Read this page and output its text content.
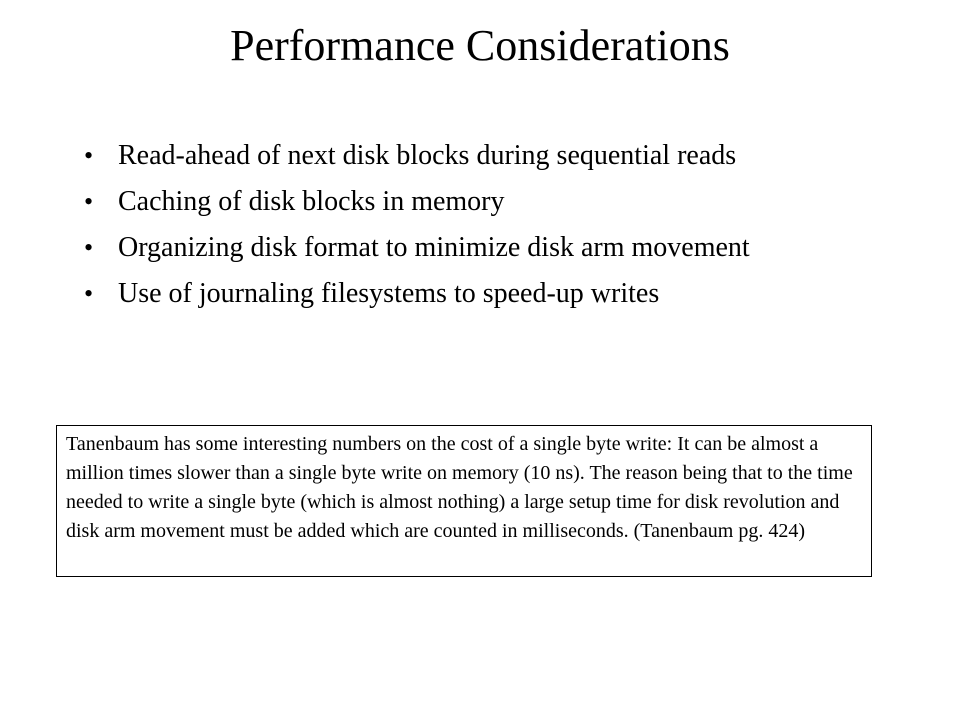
Performance Considerations
• Read-ahead of next disk blocks during sequential reads
• Caching of disk blocks in memory
• Organizing disk format to minimize disk arm movement
• Use of journaling filesystems to speed-up writes
Tanenbaum has some interesting numbers on the cost of a single byte write: It can be almost a million times slower than a single byte write on memory (10 ns). The reason being that to the time needed to write a single byte (which is almost nothing) a large setup time for disk revolution and disk arm movement must be added which are counted in milliseconds. (Tanenbaum pg. 424)
